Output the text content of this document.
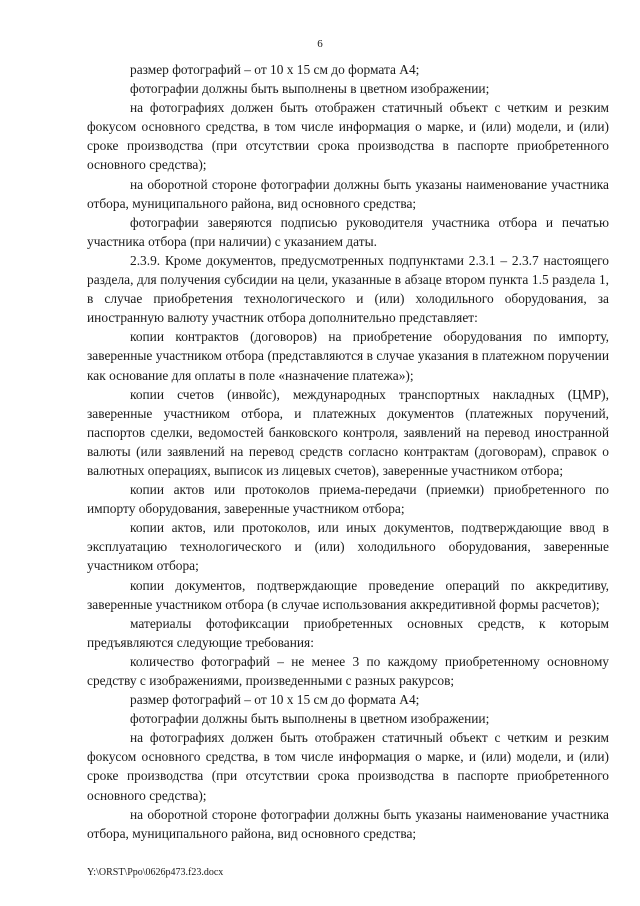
6

размер фотографий – от 10 х 15 см до формата А4;

фотографии должны быть выполнены в цветном изображении;

на фотографиях должен быть отображен статичный объект с четким и резким фокусом основного средства, в том числе информация о марке, и (или) модели, и (или) сроке производства (при отсутствии срока производства в паспорте приобретенного основного средства);

на оборотной стороне фотографии должны быть указаны наименование участника отбора, муниципального района, вид основного средства;

фотографии заверяются подписью руководителя участника отбора и печатью участника отбора (при наличии) с указанием даты.

2.3.9. Кроме документов, предусмотренных подпунктами 2.3.1 – 2.3.7 настоящего раздела, для получения субсидии на цели, указанные в абзаце втором пункта 1.5 раздела 1, в случае приобретения технологического и (или) холодильного оборудования, за иностранную валюту участник отбора дополнительно представляет:

копии контрактов (договоров) на приобретение оборудования по импорту, заверенные участником отбора (представляются в случае указания в платежном поручении как основание для оплаты в поле «назначение платежа»);

копии счетов (инвойс), международных транспортных накладных (ЦМР), заверенные участником отбора, и платежных документов (платежных поручений, паспортов сделки, ведомостей банковского контроля, заявлений на перевод иностранной валюты (или заявлений на перевод средств согласно контрактам (договорам), справок о валютных операциях, выписок из лицевых счетов), заверенные участником отбора;

копии актов или протоколов приема-передачи (приемки) приобретенного по импорту оборудования, заверенные участником отбора;

копии актов, или протоколов, или иных документов, подтверждающие ввод в эксплуатацию технологического и (или) холодильного оборудования, заверенные участником отбора;

копии документов, подтверждающие проведение операций по аккредитиву, заверенные участником отбора (в случае использования аккредитивной формы расчетов);

материалы фотофиксации приобретенных основных средств, к которым предъявляются следующие требования:

количество фотографий – не менее 3 по каждому приобретенному основному средству с изображениями, произведенными с разных ракурсов;

размер фотографий – от 10 х 15 см до формата А4;

фотографии должны быть выполнены в цветном изображении;

на фотографиях должен быть отображен статичный объект с четким и резким фокусом основного средства, в том числе информация о марке, и (или) модели, и (или) сроке производства (при отсутствии срока производства в паспорте приобретенного основного средства);

на оборотной стороне фотографии должны быть указаны наименование участника отбора, муниципального района, вид основного средства;

Y:\ORST\Ppo\0626p473.f23.docx
